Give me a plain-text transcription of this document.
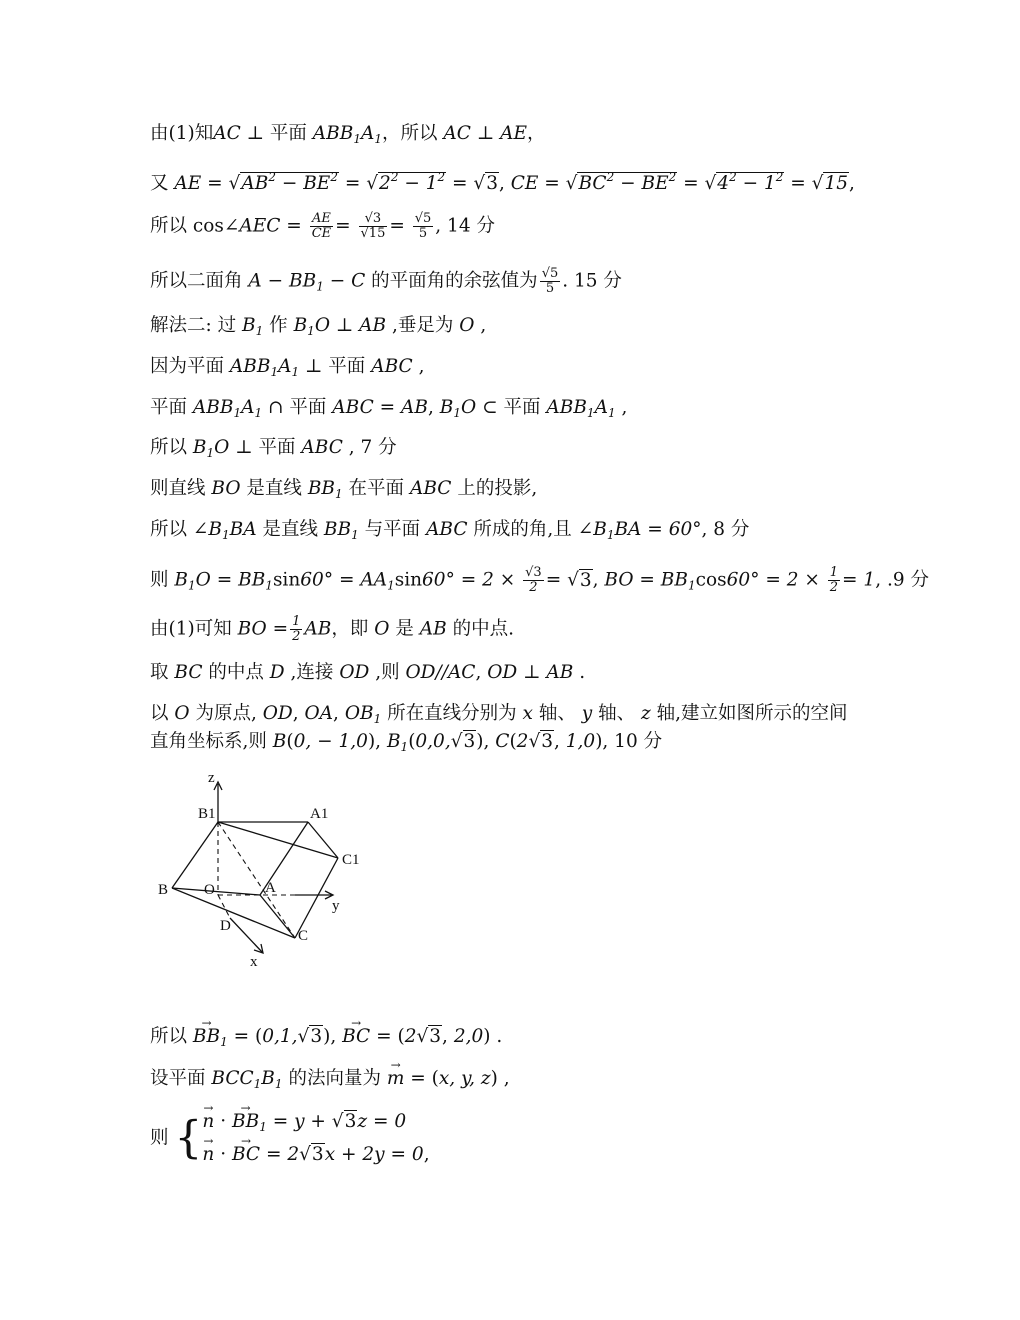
由(1)知AC ⊥ 平面 $ABB_1A_1$，所以 AC ⊥ AE，
又 AE = $√AB^2 - BE^2 = √2^2 - 1^2 = √3$, CE = $√BC^2 - BE^2 = √4^2 - 1^2 = √15$,
所以 cos∠AEC = $\frac{AE}{CE} = \frac{√3}{√15} = \frac{√5}{5}$ , 14 分
所以二面角 $A - BB_1 - C$ 的平面角的余弦值为 $\frac{√5}{5}$ . 15 分
解法二: 过 $B_1$ 作 $B_1O$ ⊥ AB ,垂足为 O ,
因为平面 $ABB_1A_1$ ⊥ 平面 ABC ,
平面 $ABB_1A_1$ ∩ 平面 ABC = AB, $B_1O$ ⊂ 平面 $ABB_1A_1$ ,
所以 $B_1O$ ⊥ 平面 ABC , 7 分
则直线 BO 是直线 $BB_1$ 在平面 ABC 上的投影,
所以 $\angle B_1BA$ 是直线 $BB_1$ 与平面 ABC 所成的角,且 $\angle B_1BA = 60^\circ$, 8 分
则 $B_1O = BB_1\sin 60^\circ = AA_1\sin 60^\circ = 2 \times \frac{√3}{2} = √3$, BO = $BB_1\cos 60^\circ = 2 \times \frac{1}{2} = 1$, .9 分
由(1)可知 BO = $\frac{1}{2}$ AB，即 O 是 AB 的中点.
取 BC 的中点 D ,连接 OD ,则 OD//AC, OD ⊥ AB .
以 O 为原点, OD, OA, $OB_1$ 所在直线分别为 x 轴、 y 轴、 z 轴,建立如图所示的空间
直角坐标系,则 B(0, − 1,0), $B_1(0,0,√3)$, C(2√3, 1,0), 10 分
z
B1	A1
C1
B O	A
y
D
C
x
所以 → $BB_1 = (0,1,√3)$, → BC = (2√3, 2,0) .
设平面 $BCC_1B_1$ 的法向量为 → m = (x, y, z) ,
则 { → n · → $BB_1 = y + √3z = 0$
→ n · → BC = 2√3x + 2y = 0,
